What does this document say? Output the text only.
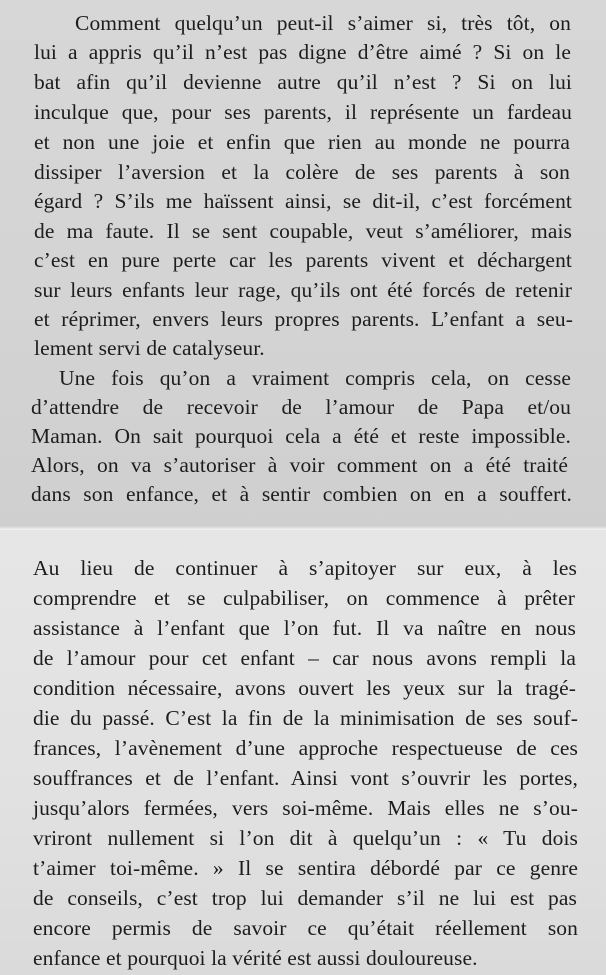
Comment quelqu’un peut-il s’aimer si, très tôt, on
lui a appris qu’il n’est pas digne d’être aimé ? Si on le
bat afin qu’il devienne autre qu’il n’est ? Si on lui
inculque que, pour ses parents, il représente un fardeau
et non une joie et enfin que rien au monde ne pourra
dissiper l’aversion et la colère de ses parents à son
égard ? S’ils me haïssent ainsi, se dit-il, c’est forcément
de ma faute. Il se sent coupable, veut s’améliorer, mais
c’est en pure perte car les parents vivent et déchargent
sur leurs enfants leur rage, qu’ils ont été forcés de retenir
et réprimer, envers leurs propres parents. L’enfant a seu-
lement servi de catalyseur.
Une fois qu’on a vraiment compris cela, on cesse
d’attendre de recevoir de l’amour de Papa et/ou
Maman. On sait pourquoi cela a été et reste impossible.
Alors, on va s’autoriser à voir comment on a été traité
dans son enfance, et à sentir combien on en a souffert.
Au lieu de continuer à s’apitoyer sur eux, à les
comprendre et se culpabiliser, on commence à prêter
assistance à l’enfant que l’on fut. Il va naître en nous
de l’amour pour cet enfant – car nous avons rempli la
condition nécessaire, avons ouvert les yeux sur la tragé-
die du passé. C’est la fin de la minimisation de ses souf-
frances, l’avènement d’une approche respectueuse de ces
souffrances et de l’enfant. Ainsi vont s’ouvrir les portes,
jusqu’alors fermées, vers soi-même. Mais elles ne s’ou-
vriront nullement si l’on dit à quelqu’un : « Tu dois
t’aimer toi-même. » Il se sentira débordé par ce genre
de conseils, c’est trop lui demander s’il ne lui est pas
encore permis de savoir ce qu’était réellement son
enfance et pourquoi la vérité est aussi douloureuse.
